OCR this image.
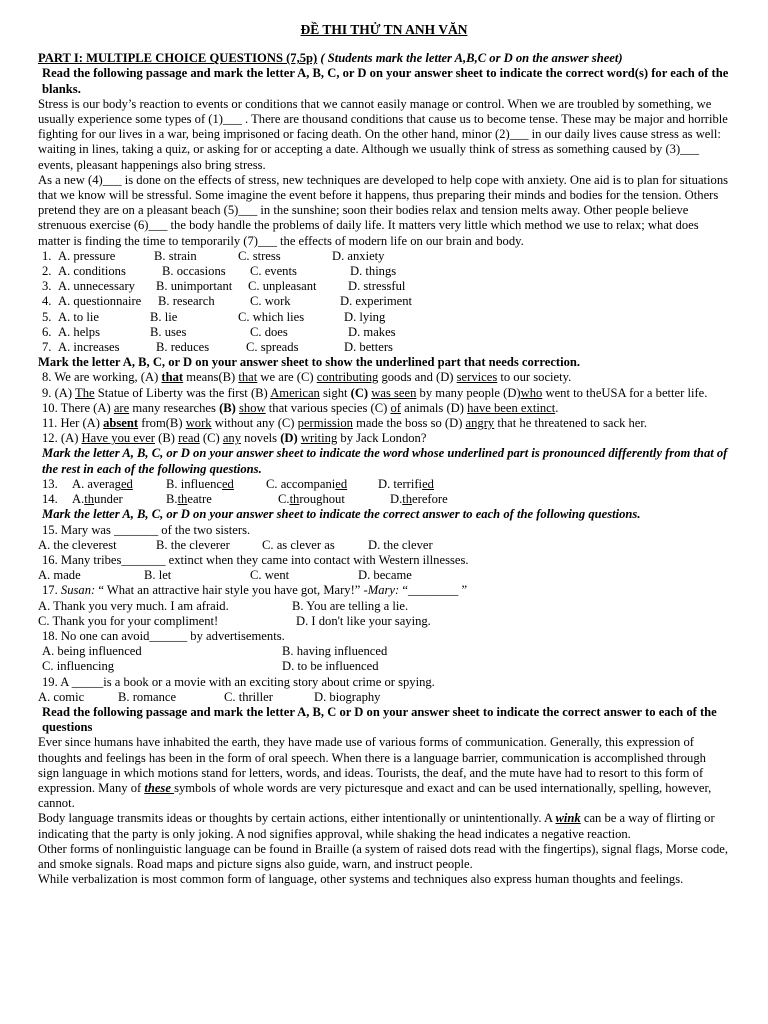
ĐỀ THI THỬ TN ANH VĂN

PART I: MULTIPLE CHOICE QUESTIONS (7,5p) ( Students mark the letter A,B,C or D on the answer sheet)

Read the following passage and mark the letter A, B, C, or D on your answer sheet to indicate the correct word(s) for each of the blanks.

Stress is our body’s reaction to events or conditions that we cannot easily manage or control. When we are troubled by something, we usually experience some types of (1)___ . There are thousand conditions that cause us to become tense. These may be major and horrible fighting for our lives in a war, being imprisoned or facing death. On the other hand, minor (2)___ in our daily lives cause stress as well: waiting in lines, taking a quiz, or asking for or accepting a date. Although we usually think of stress as something caused by (3)___ events, pleasant happenings also bring stress.

As a new (4)___ is done on the effects of stress, new techniques are developed to help cope with anxiety. One aid is to plan for situations that we know will be stressful. Some imagine the event before it happens, thus preparing their minds and bodies for the tension. Others pretend they are on a pleasant beach (5)___ in the sunshine; soon their bodies relax and tension melts away. Other people believe strenuous exercise (6)___ the body handle the problems of daily life. It matters very little which method we use to relax; what does matter is finding the time to temporarily (7)___ the effects of modern life on our brain and body.

1. A. pressure	B. strain	C. stress	D. anxiety
2. A. conditions	B. occasions	C. events	D. things
3. A. unnecessary	B. unimportant	C. unpleasant	D. stressful
4. A. questionnaire	B. research	C. work	D. experiment
5. A. to lie	B. lie	C. which lies	D. lying
6. A. helps	B. uses	C. does	D. makes
7. A. increases	B. reduces	C. spreads	D. betters

Mark the letter A, B, C, or D on your answer sheet to show the underlined part that needs correction.

8. We are working, (A) that means(B) that we are (C) contributing goods and (D) services to our society.

9. (A) The Statue of Liberty was the first (B) American sight (C) was seen by many people (D)who went to theUSA for a better life.

10. There (A) are many researches (B) show that various species (C) of animals (D) have been extinct.

11. Her (A) absent from(B) work without any (C) permission made the boss so (D) angry that he threatened to sack her.

12. (A) Have you ever (B) read (C) any novels (D) writing by Jack London?

Mark the letter A, B, C, or D on your answer sheet to indicate the word whose underlined part is pronounced differently from that of the rest in each of the following questions.

13.	A. averaged	B. influenced	C. accompanied	D. terrified
14.	A.thunder	B.theatre	C.throughout	D.therefore

Mark the letter A, B, C, or D on your answer sheet to indicate the correct answer to each of the following questions.

15. Mary was _______ of the two sisters.

A. the cleverest	B. the cleverer	C. as clever as	D. the clever

16. Many tribes_______ extinct when they came into contact with Western illnesses.

A. made	B. let	C. went	D. became

17. Susan: “ What an attractive hair style you have got, Mary!” -Mary: “________ ”

A. Thank you very much. I am afraid.	B. You are telling a lie.
C. Thank you for your compliment!	D. I don't like your saying.

18. No one can avoid______ by advertisements.

A. being influenced	B. having influenced
C. influencing	D. to be influenced

19. A _____is a book or a movie with an exciting story about crime or spying.

A. comic	B. romance	C. thriller	D. biography

Read the following passage and mark the letter A, B, C or D on your answer sheet to indicate the correct answer to each of the questions

Ever since humans have inhabited the earth, they have made use of various forms of communication. Generally, this expression of thoughts and feelings has been in the form of oral speech. When there is a language barrier, communication is accomplished through sign language in which motions stand for letters, words, and ideas. Tourists, the deaf, and the mute have had to resort to this form of expression. Many of these symbols of whole words are very picturesque and exact and can be used internationally, spelling, however, cannot.

Body language transmits ideas or thoughts by certain actions, either intentionally or unintentionally. A wink can be a way of flirting or indicating that the party is only joking. A nod signifies approval, while shaking the head indicates a negative reaction.

Other forms of nonlinguistic language can be found in Braille (a system of raised dots read with the fingertips), signal flags, Morse code, and smoke signals. Road maps and picture signs also guide, warn, and instruct people.

While verbalization is most common form of language, other systems and techniques also express human thoughts and feelings.
